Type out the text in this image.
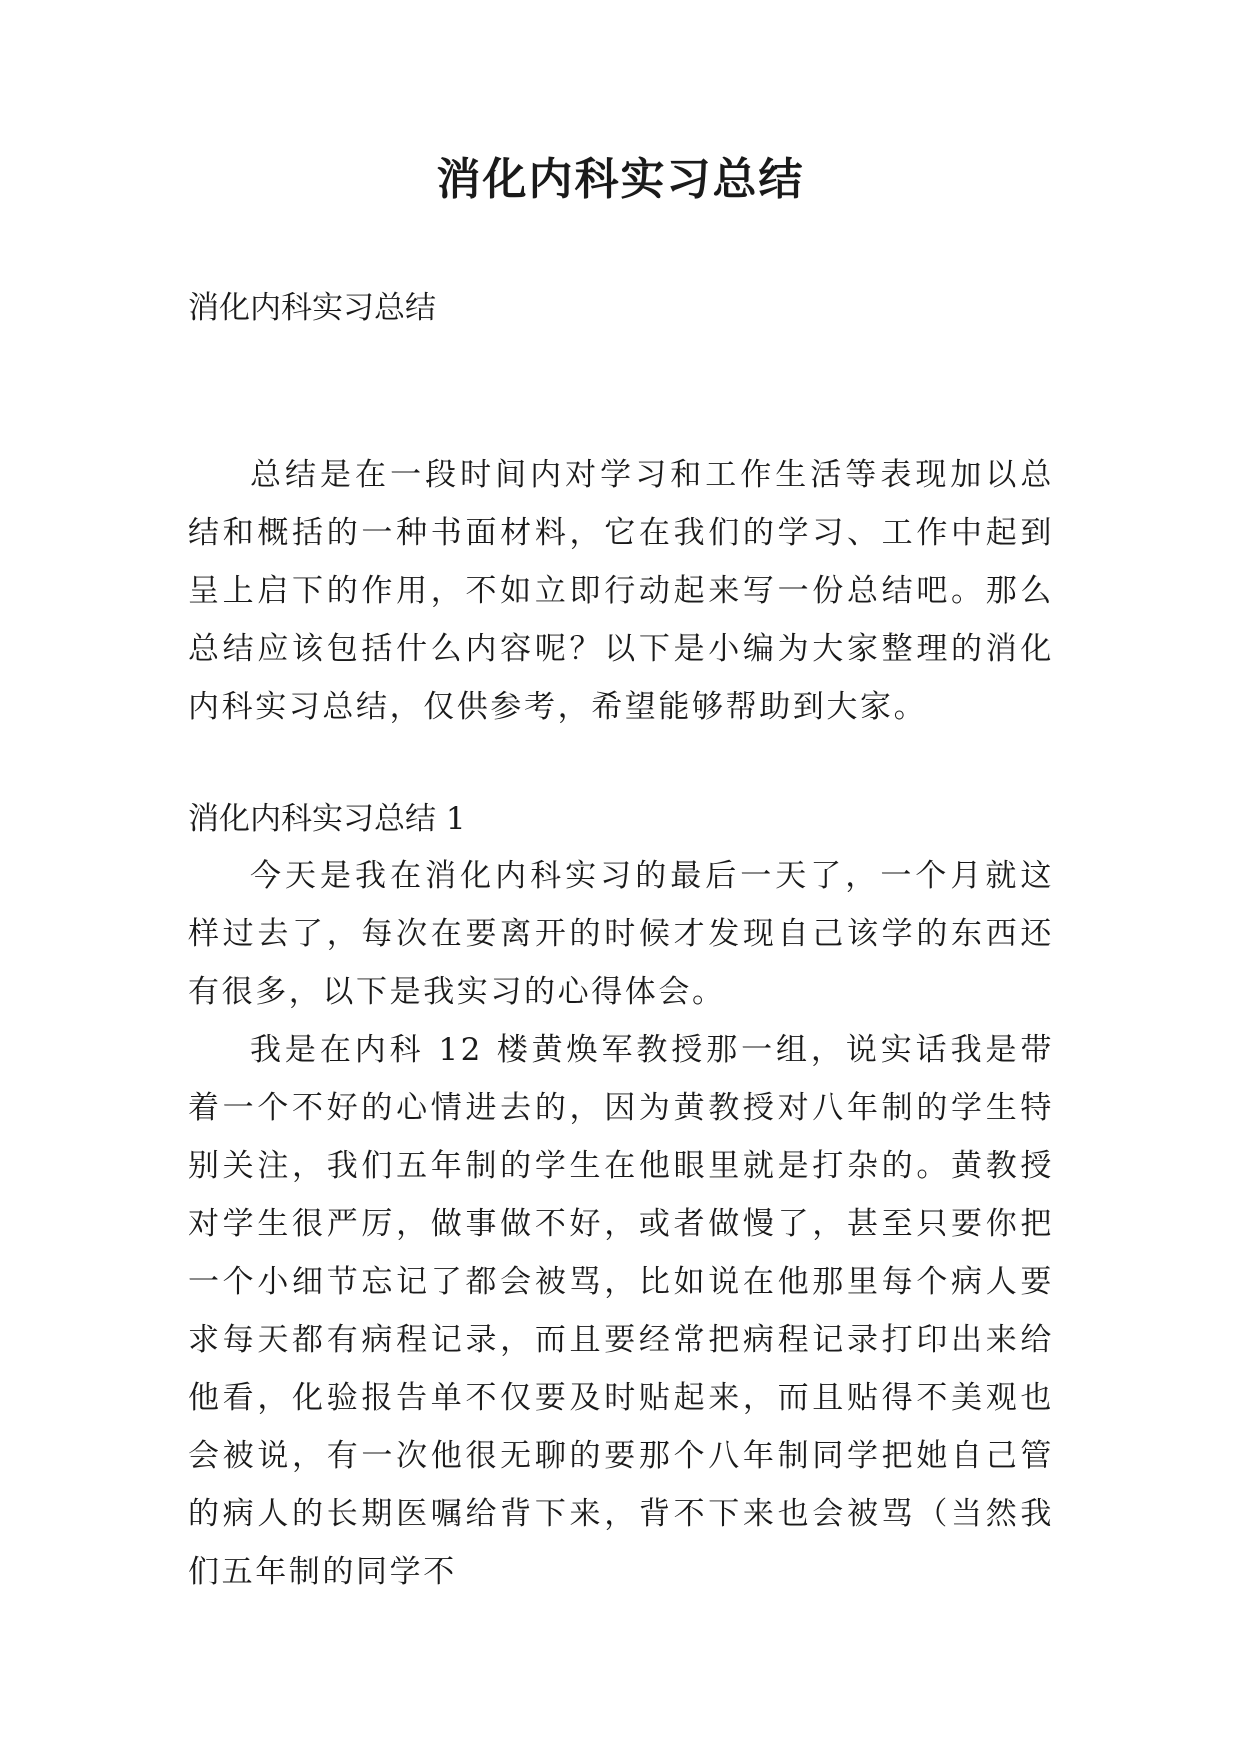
消化内科实习总结

消化内科实习总结

总结是在一段时间内对学习和工作生活等表现加以总结和概括的一种书面材料，它在我们的学习、工作中起到呈上启下的作用，不如立即行动起来写一份总结吧。那么总结应该包括什么内容呢？以下是小编为大家整理的消化内科实习总结，仅供参考，希望能够帮助到大家。

消化内科实习总结 1

今天是我在消化内科实习的最后一天了，一个月就这样过去了，每次在要离开的时候才发现自己该学的东西还有很多，以下是我实习的心得体会。

我是在内科 12 楼黄焕军教授那一组，说实话我是带着一个不好的心情进去的，因为黄教授对八年制的学生特别关注，我们五年制的学生在他眼里就是打杂的。黄教授对学生很严厉，做事做不好，或者做慢了，甚至只要你把一个小细节忘记了都会被骂，比如说在他那里每个病人要求每天都有病程记录，而且要经常把病程记录打印出来给他看，化验报告单不仅要及时贴起来，而且贴得不美观也会被说，有一次他很无聊的要那个八年制同学把她自己管的病人的长期医嘱给背下来，背不下来也会被骂（当然我们五年制的同学不
